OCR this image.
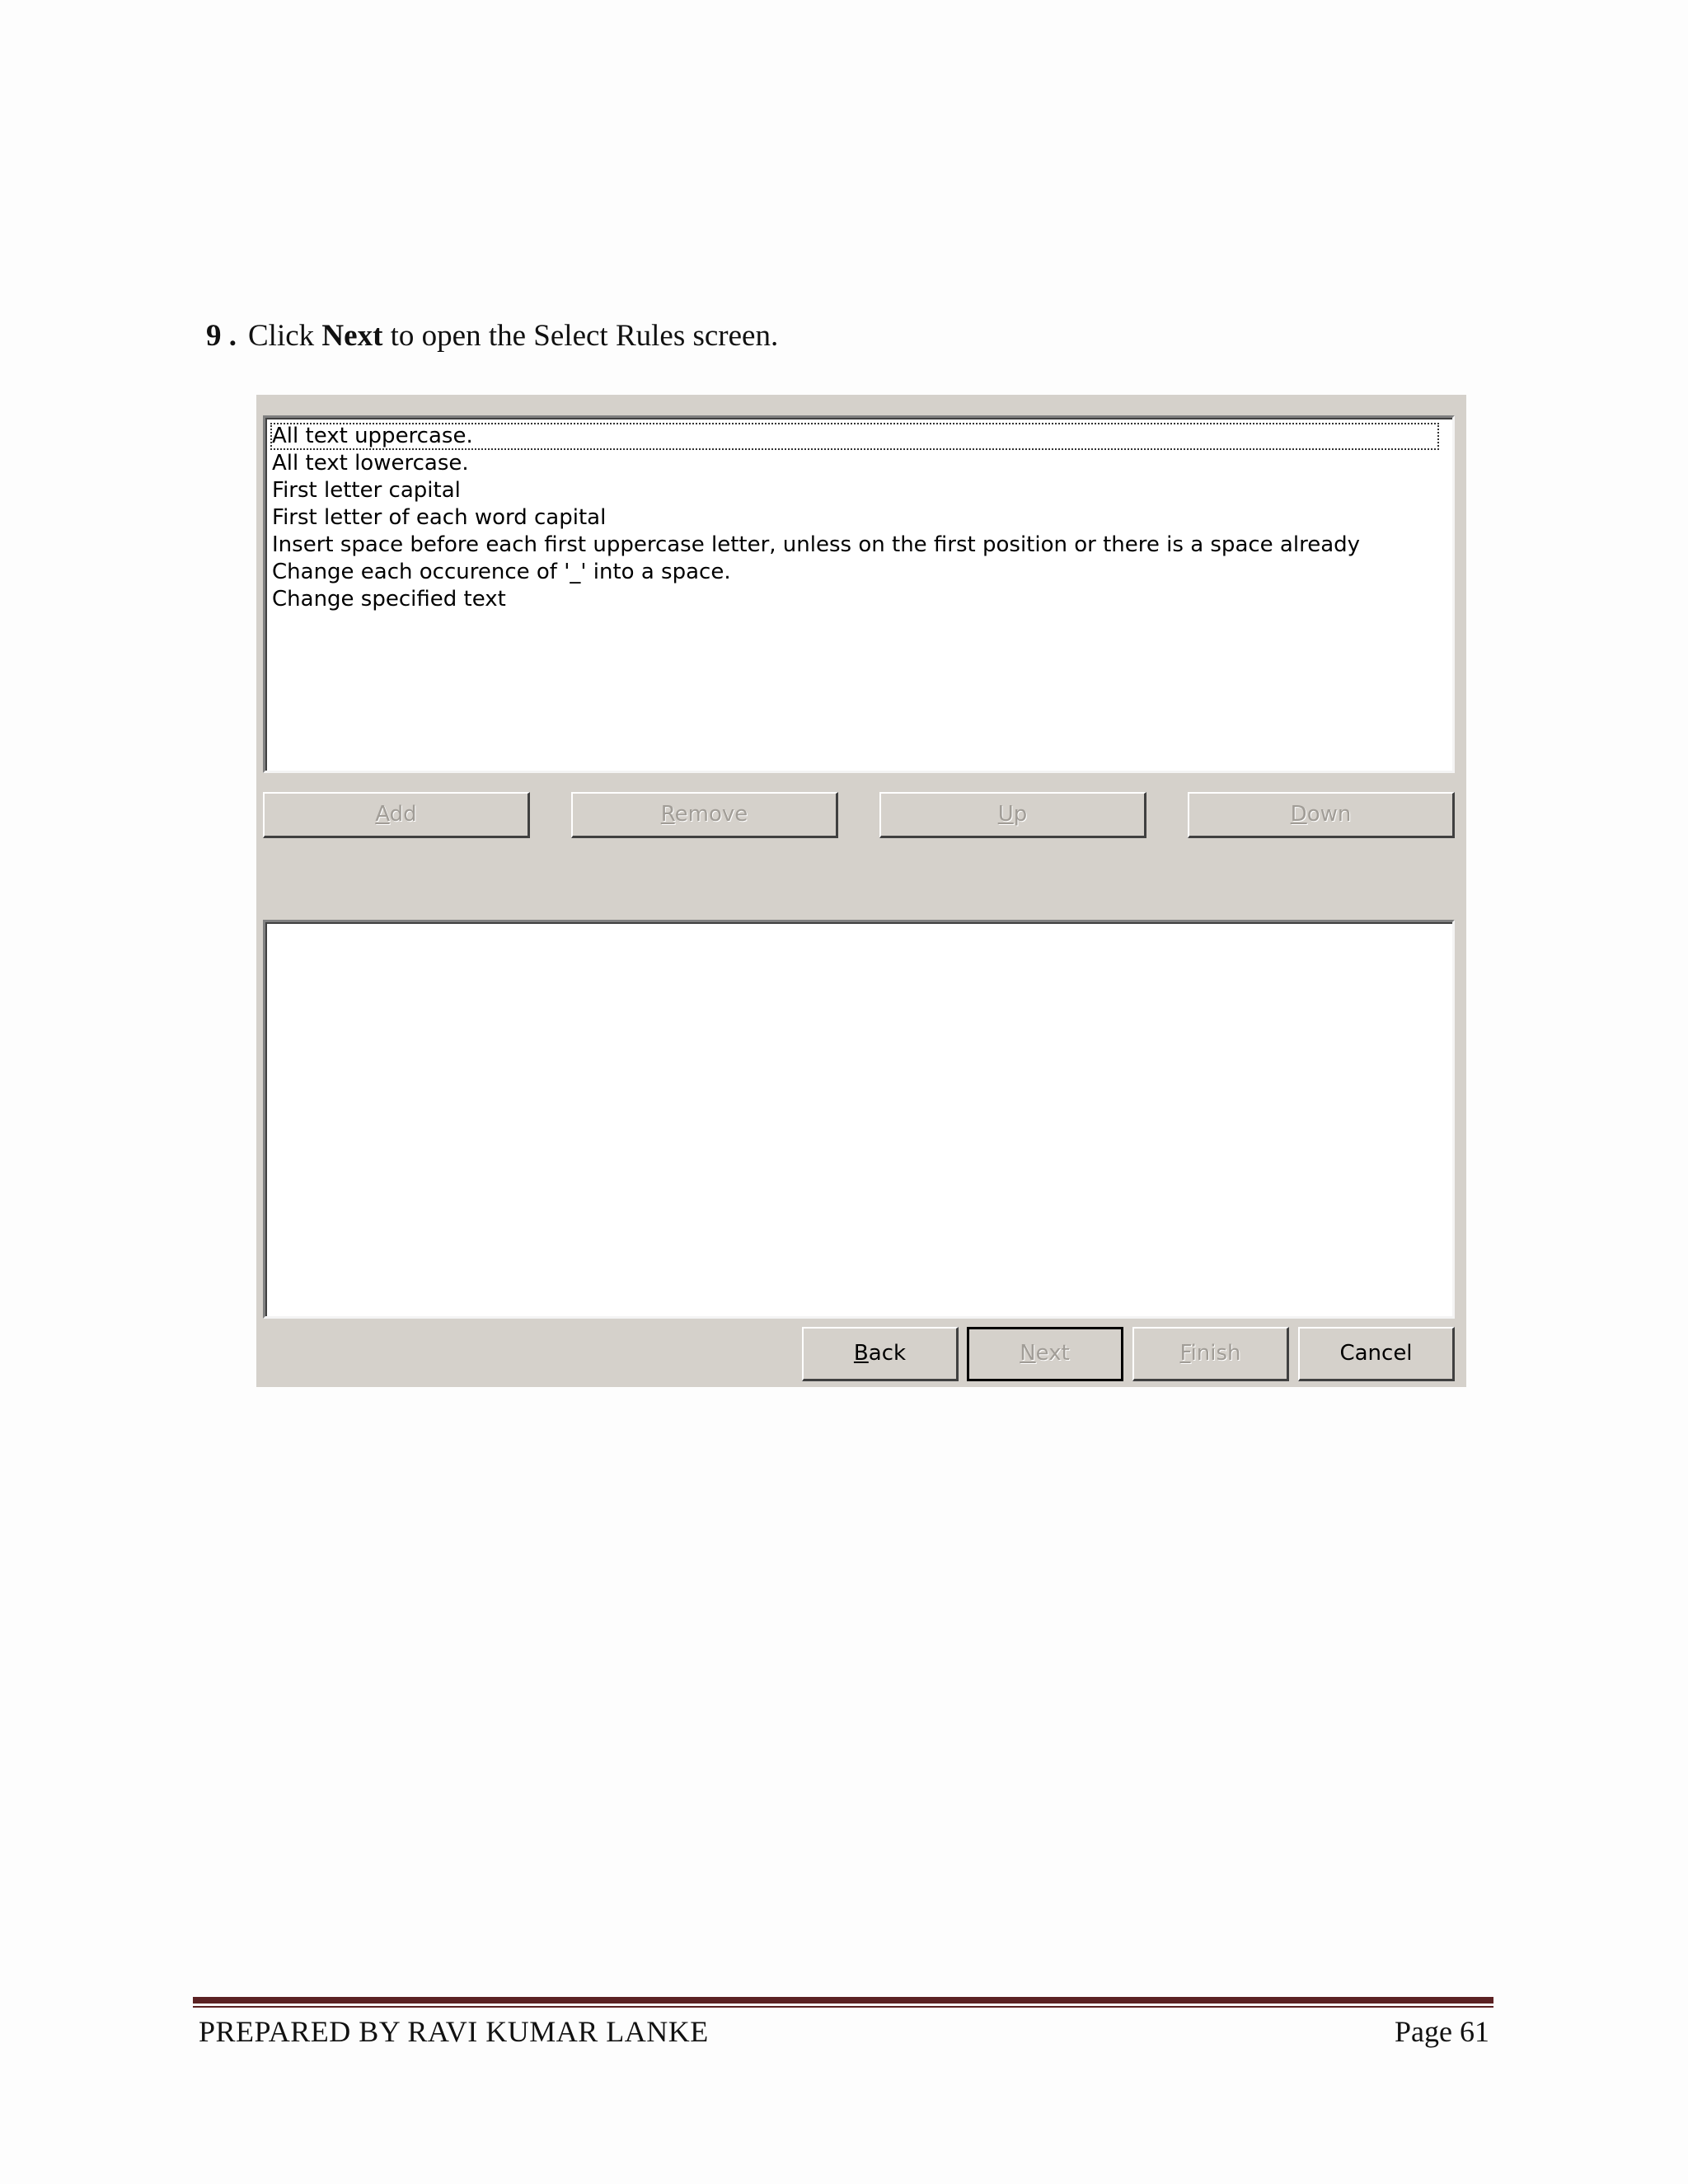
9 . Click Next to open the Select Rules screen.
All text uppercase.
All text lowercase.
First letter capital
First letter of each word capital
Insert space before each first uppercase letter, unless on the first position or there is a space already
Change each occurence of '_' into a space.
Change specified text
Add	Remove	Up	Down
Back	Next	Finish	Cancel
PREPARED BY RAVI KUMAR LANKE	Page 61
